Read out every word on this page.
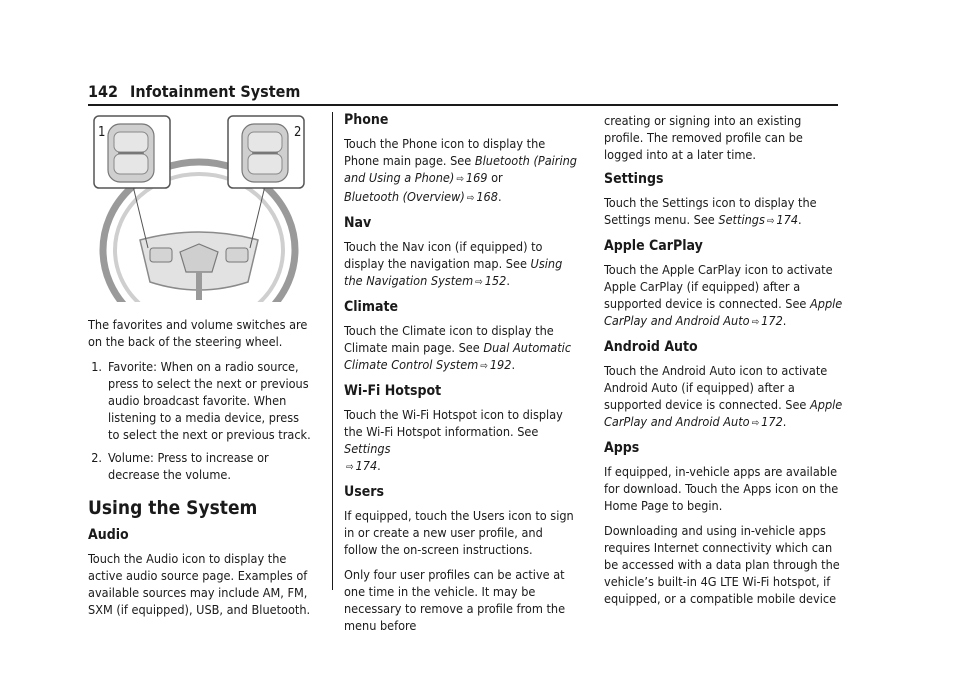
142 Infotainment System
1	2

The favorites and volume switches are on the back of the steering wheel.

1. Favorite: When on a radio source, press to select the next or previous audio broadcast favorite. When listening to a media device, press to select the next or previous track.
2. Volume: Press to increase or decrease the volume.
Using the System
Audio

Touch the Audio icon to display the active audio source page. Examples of available sources may include AM, FM, SXM (if equipped), USB, and Bluetooth.

Phone

Touch the Phone icon to display the Phone main page. See Bluetooth (Pairing and Using a Phone) ⇨ 169 or
Bluetooth (Overview) ⇨ 168.

Nav

Touch the Nav icon (if equipped) to display the navigation map. See Using the Navigation System ⇨ 152.

Climate

Touch the Climate icon to display the Climate main page. See Dual Automatic Climate Control System ⇨ 192.

Wi-Fi Hotspot

Touch the Wi-Fi Hotspot icon to display the Wi-Fi Hotspot information. See Settings
⇨ 174.

Users

If equipped, touch the Users icon to sign in or create a new user profile, and follow the on-screen instructions.

Only four user profiles can be active at one time in the vehicle. It may be necessary to remove a profile from the menu before

creating or signing into an existing profile. The removed profile can be logged into at a later time.

Settings

Touch the Settings icon to display the Settings menu. See Settings ⇨ 174.

Apple CarPlay

Touch the Apple CarPlay icon to activate Apple CarPlay (if equipped) after a supported device is connected. See Apple CarPlay and Android Auto ⇨ 172.

Android Auto

Touch the Android Auto icon to activate Android Auto (if equipped) after a supported device is connected. See Apple CarPlay and Android Auto ⇨ 172.

Apps

If equipped, in-vehicle apps are available for download. Touch the Apps icon on the Home Page to begin.

Downloading and using in-vehicle apps requires Internet connectivity which can be accessed with a data plan through the vehicle’s built-in 4G LTE Wi-Fi hotspot, if equipped, or a compatible mobile device
